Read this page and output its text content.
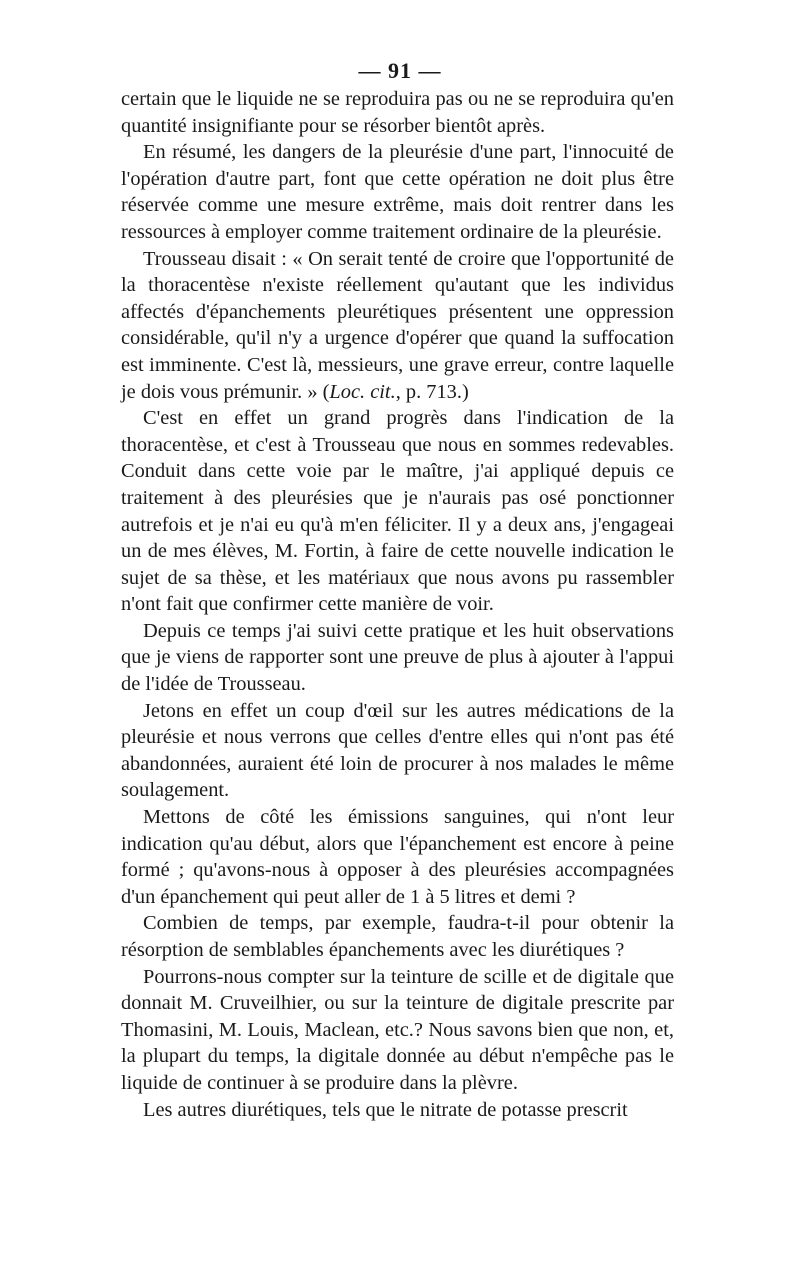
— 91 —

certain que le liquide ne se reproduira pas ou ne se reproduira qu'en quantité insignifiante pour se résorber bientôt après.

En résumé, les dangers de la pleurésie d'une part, l'innocuité de l'opération d'autre part, font que cette opération ne doit plus être réservée comme une mesure extrême, mais doit rentrer dans les ressources à employer comme traitement ordinaire de la pleurésie.

Trousseau disait : « On serait tenté de croire que l'opportunité de la thoracentèse n'existe réellement qu'autant que les individus affectés d'épanchements pleurétiques présentent une oppression considérable, qu'il n'y a urgence d'opérer que quand la suffocation est imminente. C'est là, messieurs, une grave erreur, contre laquelle je dois vous prémunir. » (Loc. cit., p. 713.)

C'est en effet un grand progrès dans l'indication de la thoracentèse, et c'est à Trousseau que nous en sommes redevables. Conduit dans cette voie par le maître, j'ai appliqué depuis ce traitement à des pleurésies que je n'aurais pas osé ponctionner autrefois et je n'ai eu qu'à m'en féliciter. Il y a deux ans, j'engageai un de mes élèves, M. Fortin, à faire de cette nouvelle indication le sujet de sa thèse, et les matériaux que nous avons pu rassembler n'ont fait que confirmer cette manière de voir.

Depuis ce temps j'ai suivi cette pratique et les huit observations que je viens de rapporter sont une preuve de plus à ajouter à l'appui de l'idée de Trousseau.

Jetons en effet un coup d'œil sur les autres médications de la pleurésie et nous verrons que celles d'entre elles qui n'ont pas été abandonnées, auraient été loin de procurer à nos malades le même soulagement.

Mettons de côté les émissions sanguines, qui n'ont leur indication qu'au début, alors que l'épanchement est encore à peine formé ; qu'avons-nous à opposer à des pleurésies accompagnées d'un épanchement qui peut aller de 1 à 5 litres et demi ?

Combien de temps, par exemple, faudra-t-il pour obtenir la résorption de semblables épanchements avec les diurétiques ?

Pourrons-nous compter sur la teinture de scille et de digitale que donnait M. Cruveilhier, ou sur la teinture de digitale prescrite par Thomasini, M. Louis, Maclean, etc.? Nous savons bien que non, et, la plupart du temps, la digitale donnée au début n'empêche pas le liquide de continuer à se produire dans la plèvre.

Les autres diurétiques, tels que le nitrate de potasse prescrit
